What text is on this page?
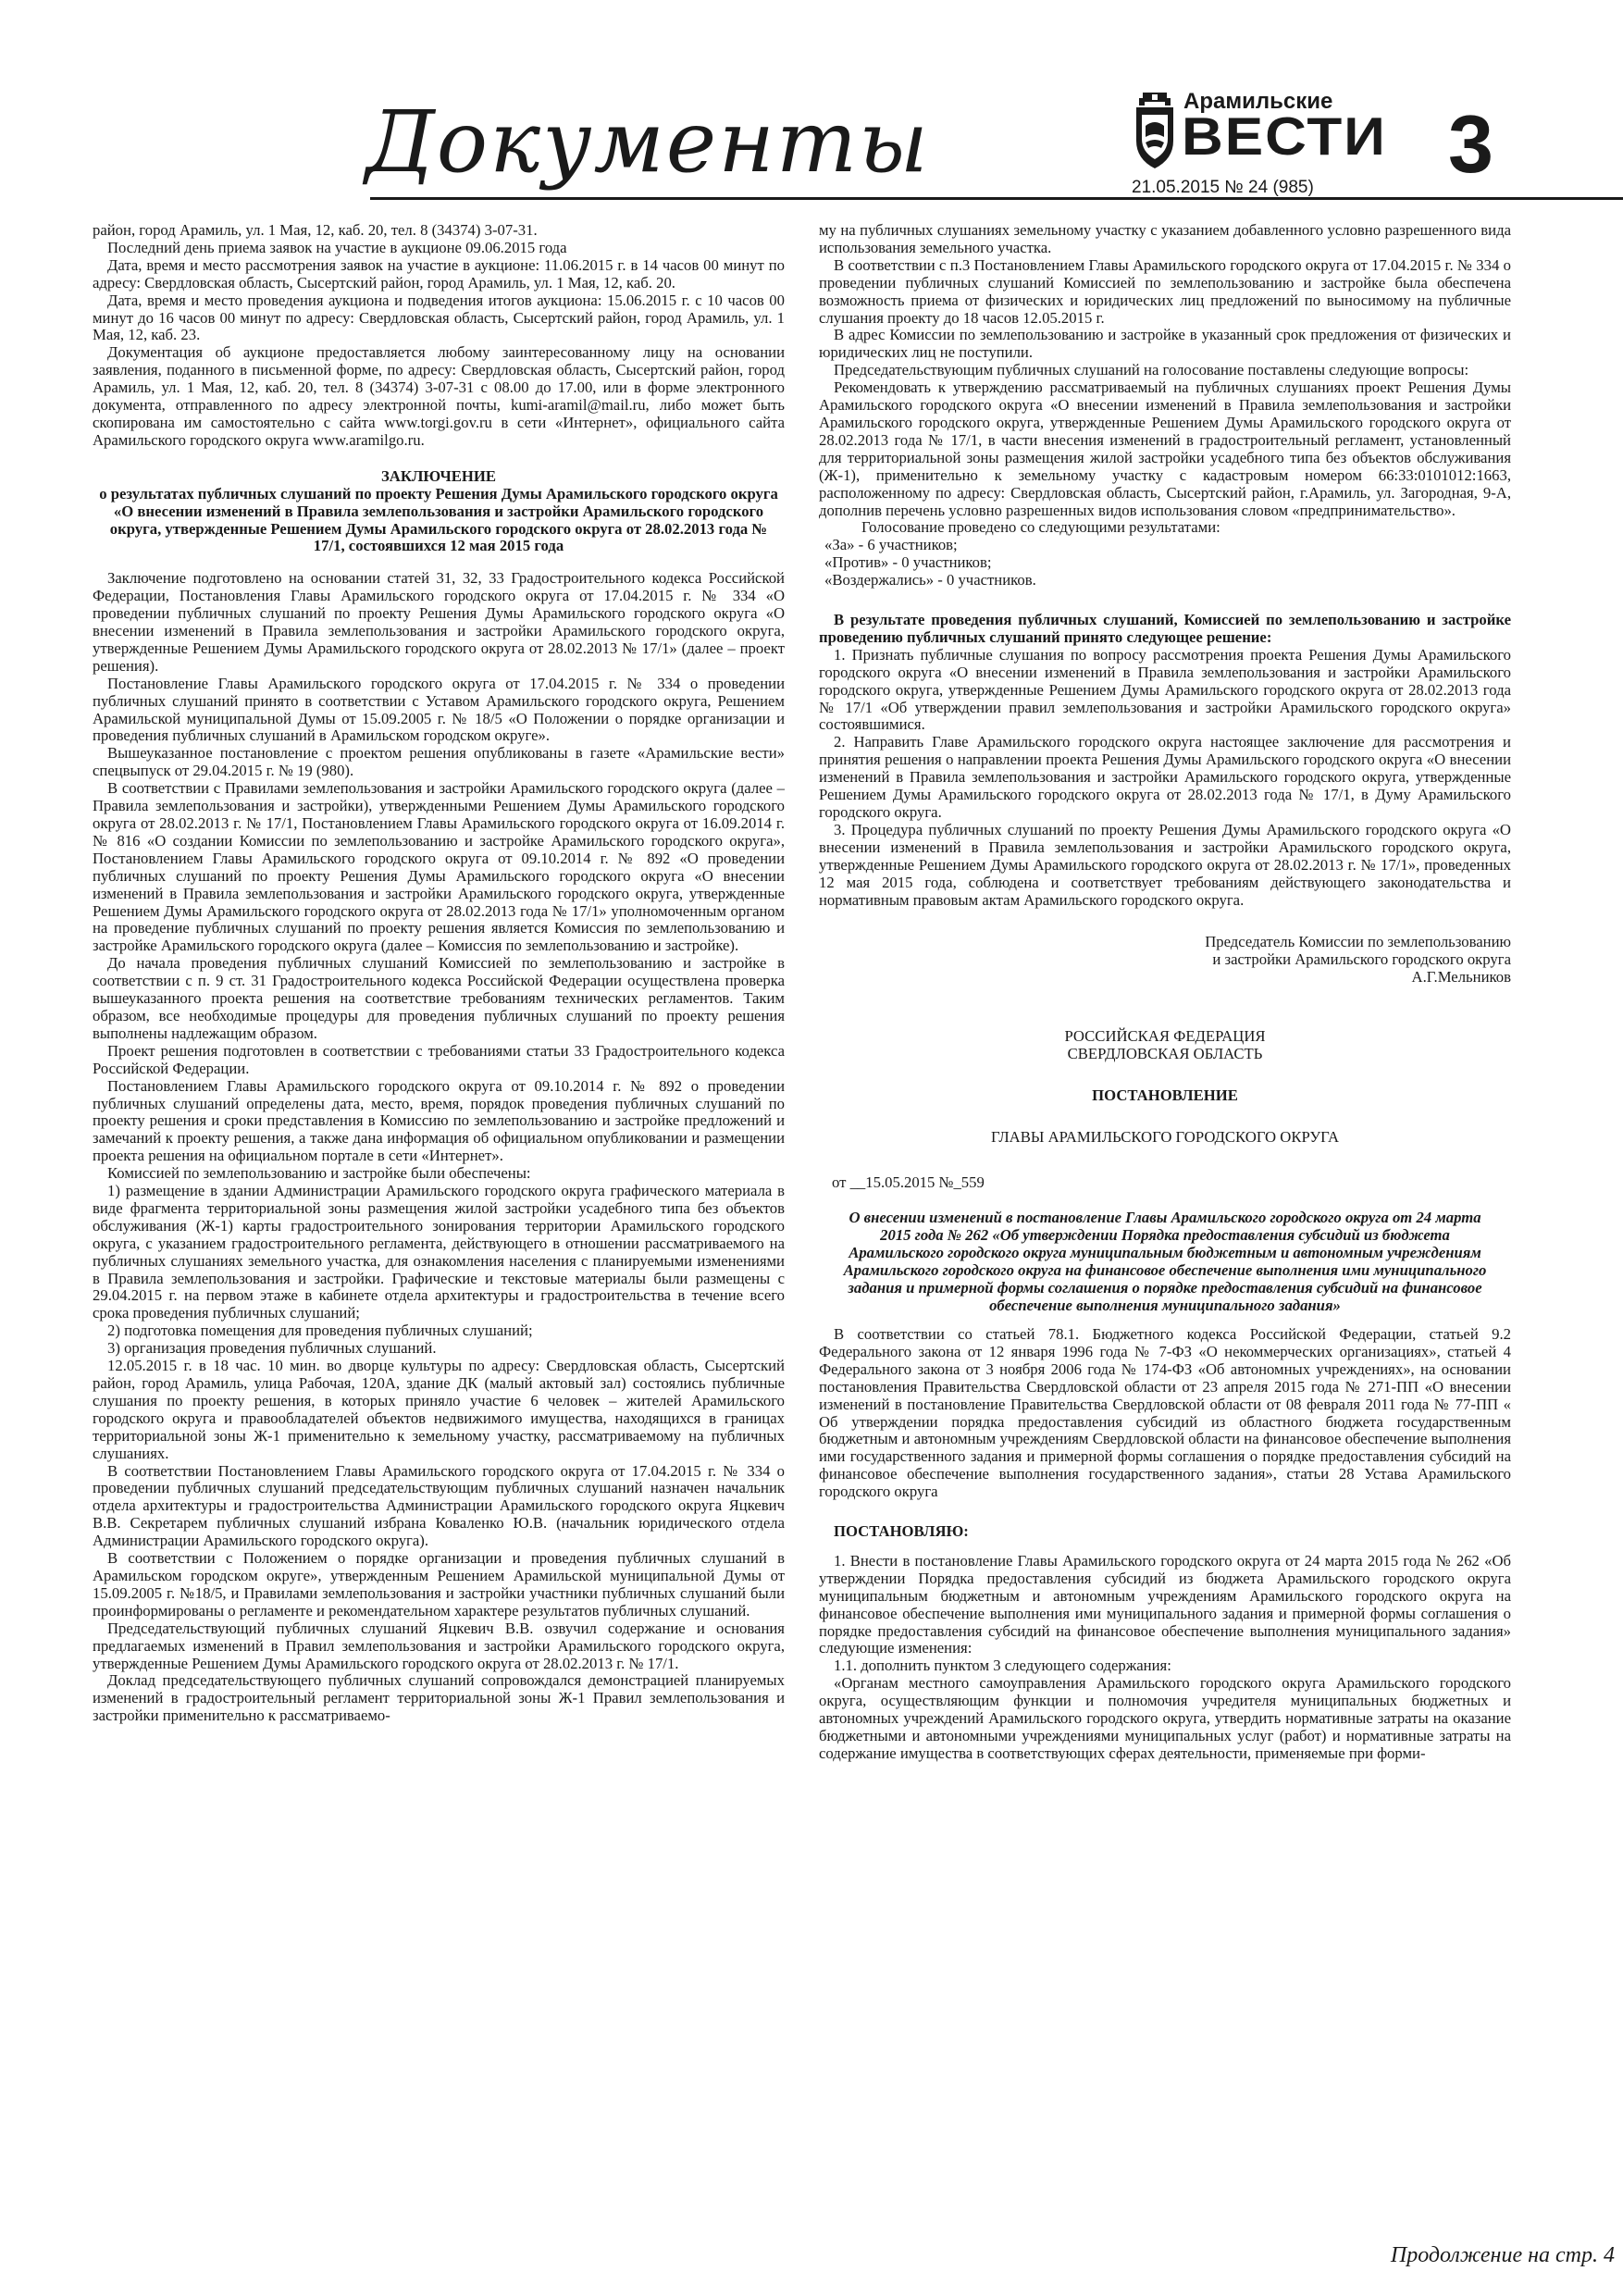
Документы	Арамильские
ВЕСТИ
21.05.2015 № 24 (985) 3

район, город Арамиль, ул. 1 Мая, 12, каб. 20, тел. 8 (34374) 3-07-31.

Последний день приема заявок на участие в аукционе 09.06.2015 года

Дата, время и место рассмотрения заявок на участие в аукционе: 11.06.2015 г. в 14 часов 00 минут по адресу: Свердловская область, Сысертский район, город Арамиль, ул. 1 Мая, 12, каб. 20.

Дата, время и место проведения аукциона и подведения итогов аукциона: 15.06.2015 г. с 10 часов 00 минут до 16 часов 00 минут по адресу: Свердловская область, Сысертский район, город Арамиль, ул. 1 Мая, 12, каб. 23.

Документация об аукционе предоставляется любому заинтересованному лицу на основании заявления, поданного в письменной форме, по адресу: Свердловская область, Сысертский район, город Арамиль, ул. 1 Мая, 12, каб. 20, тел. 8 (34374) 3-07-31 с 08.00 до 17.00, или в форме электронного документа, отправленного по адресу электронной почты, kumi-aramil@mail.ru, либо может быть скопирована им самостоятельно с сайта www.torgi.gov.ru в сети «Интернет», официального сайта Арамильского городского округа www.aramilgo.ru.

ЗАКЛЮЧЕНИЕ
о результатах публичных слушаний по проекту Решения Думы Арамильского городского округа «О внесении изменений в Правила землепользования и застройки Арамильского городского округа, утвержденные Решением Думы Арамильского городского округа от 28.02.2013 года № 17/1, состоявшихся 12 мая 2015 года

Заключение подготовлено на основании статей 31, 32, 33 Градостроительного кодекса Российской Федерации, Постановления Главы Арамильского городского округа от 17.04.2015 г. № 334 «О проведении публичных слушаний по проекту Решения Думы Арамильского городского округа «О внесении изменений в Правила землепользования и застройки Арамильского городского округа, утвержденные Решением Думы Арамильского городского округа от 28.02.2013 № 17/1» (далее – проект решения).

Постановление Главы Арамильского городского округа от 17.04.2015 г. № 334 о проведении публичных слушаний принято в соответствии с Уставом Арамильского городского округа, Решением Арамильской муниципальной Думы от 15.09.2005 г. № 18/5 «О Положении о порядке организации и проведения публичных слушаний в Арамильском городском округе».

Вышеуказанное постановление с проектом решения опубликованы в газете «Арамильские вести» спецвыпуск от 29.04.2015 г. № 19 (980).

В соответствии с Правилами землепользования и застройки Арамильского городского округа (далее – Правила землепользования и застройки), утвержденными Решением Думы Арамильского городского округа от 28.02.2013 г. № 17/1, Постановлением Главы Арамильского городского округа от 16.09.2014 г. № 816 «О создании Комиссии по землепользованию и застройке Арамильского городского округа», Постановлением Главы Арамильского городского округа от 09.10.2014 г. № 892 «О проведении публичных слушаний по проекту Решения Думы Арамильского городского округа «О внесении изменений в Правила землепользования и застройки Арамильского городского округа, утвержденные Решением Думы Арамильского городского округа от 28.02.2013 года № 17/1» уполномоченным органом на проведение публичных слушаний по проекту решения является Комиссия по землепользованию и застройке Арамильского городского округа (далее – Комиссия по землепользованию и застройке).

До начала проведения публичных слушаний Комиссией по землепользованию и застройке в соответствии с п. 9 ст. 31 Градостроительного кодекса Российской Федерации осуществлена проверка вышеуказанного проекта решения на соответствие требованиям технических регламентов. Таким образом, все необходимые процедуры для проведения публичных слушаний по проекту решения выполнены надлежащим образом.

Проект решения подготовлен в соответствии с требованиями статьи 33 Градостроительного кодекса Российской Федерации.

Постановлением Главы Арамильского городского округа от 09.10.2014 г. № 892 о проведении публичных слушаний определены дата, место, время, порядок проведения публичных слушаний по проекту решения и сроки представления в Комиссию по землепользованию и застройке предложений и замечаний к проекту решения, а также дана информация об официальном опубликовании и размещении проекта решения на официальном портале в сети «Интернет».

Комиссией по землепользованию и застройке были обеспечены:

1) размещение в здании Администрации Арамильского городского округа графического материала в виде фрагмента территориальной зоны размещения жилой застройки усадебного типа без объектов обслуживания (Ж-1) карты градостроительного зонирования территории Арамильского городского округа, с указанием градостроительного регламента, действующего в отношении рассматриваемого на публичных слушаниях земельного участка, для ознакомления населения с планируемыми изменениями в Правила землепользования и застройки. Графические и текстовые материалы были размещены с 29.04.2015 г. на первом этаже в кабинете отдела архитектуры и градостроительства в течение всего срока проведения публичных слушаний;

2) подготовка помещения для проведения публичных слушаний;

3) организация проведения публичных слушаний.

12.05.2015 г. в 18 час. 10 мин. во дворце культуры по адресу: Свердловская область, Сысертский район, город Арамиль, улица Рабочая, 120А, здание ДК (малый актовый зал) состоялись публичные слушания по проекту решения, в которых приняло участие 6 человек – жителей Арамильского городского округа и правообладателей объектов недвижимого имущества, находящихся в границах территориальной зоны Ж-1 применительно к земельному участку, рассматриваемому на публичных слушаниях.

В соответствии Постановлением Главы Арамильского городского округа от 17.04.2015 г. № 334 о проведении публичных слушаний председательствующим публичных слушаний назначен начальник отдела архитектуры и градостроительства Администрации Арамильского городского округа Яцкевич В.В. Секретарем публичных слушаний избрана Коваленко Ю.В. (начальник юридического отдела Администрации Арамильского городского округа).

В соответствии с Положением о порядке организации и проведения публичных слушаний в Арамильском городском округе», утвержденным Решением Арамильской муниципальной Думы от 15.09.2005 г. №18/5, и Правилами землепользования и застройки участники публичных слушаний были проинформированы о регламенте и рекомендательном характере результатов публичных слушаний.

Председательствующий публичных слушаний Яцкевич В.В. озвучил содержание и основания предлагаемых изменений в Правил землепользования и застройки Арамильского городского округа, утвержденные Решением Думы Арамильского городского округа от 28.02.2013 г. № 17/1.

Доклад председательствующего публичных слушаний сопровождался демонстрацией планируемых изменений в градостроительный регламент территориальной зоны Ж-1 Правил землепользования и застройки применительно к рассматриваемо-

му на публичных слушаниях земельному участку с указанием добавленного условно разрешенного вида использования земельного участка.

В соответствии с п.3 Постановлением Главы Арамильского городского округа от 17.04.2015 г. № 334 о проведении публичных слушаний Комиссией по землепользованию и застройке была обеспечена возможность приема от физических и юридических лиц предложений по выносимому на публичные слушания проекту до 18 часов 12.05.2015 г.

В адрес Комиссии по землепользованию и застройке в указанный срок предложения от физических и юридических лиц не поступили.

Председательствующим публичных слушаний на голосование поставлены следующие вопросы:

Рекомендовать к утверждению рассматриваемый на публичных слушаниях проект Решения Думы Арамильского городского округа «О внесении изменений в Правила землепользования и застройки Арамильского городского округа, утвержденные Решением Думы Арамильского городского округа от 28.02.2013 года № 17/1, в части внесения изменений в градостроительный регламент, установленный для территориальной зоны размещения жилой застройки усадебного типа без объектов обслуживания (Ж-1), применительно к земельному участку с кадастровым номером 66:33:0101012:1663, расположенному по адресу: Свердловская область, Сысертский район, г.Арамиль, ул. Загородная, 9-А, дополнив перечень условно разрешенных видов использования словом «предпринимательство».

Голосование проведено со следующими результатами:

«За» - 6 участников;

«Против» - 0 участников;

«Воздержались» - 0 участников.

В результате проведения публичных слушаний, Комиссией по землепользованию и застройке проведению публичных слушаний принято следующее решение:

1. Признать публичные слушания по вопросу рассмотрения проекта Решения Думы Арамильского городского округа «О внесении изменений в Правила землепользования и застройки Арамильского городского округа, утвержденные Решением Думы Арамильского городского округа от 28.02.2013 года № 17/1 «Об утверждении правил землепользования и застройки Арамильского городского округа» состоявшимися.

2. Направить Главе Арамильского городского округа настоящее заключение для рассмотрения и принятия решения о направлении проекта Решения Думы Арамильского городского округа «О внесении изменений в Правила землепользования и застройки Арамильского городского округа, утвержденные Решением Думы Арамильского городского округа от 28.02.2013 года № 17/1, в Думу Арамильского городского округа.

3. Процедура публичных слушаний по проекту Решения Думы Арамильского городского округа «О внесении изменений в Правила землепользования и застройки Арамильского городского округа, утвержденные Решением Думы Арамильского городского округа от 28.02.2013 г. № 17/1», проведенных 12 мая 2015 года, соблюдена и соответствует требованиям действующего законодательства и нормативным правовым актам Арамильского городского округа.

Председатель Комиссии по землепользованию
и застройки Арамильского городского округа
А.Г.Мельников
РОССИЙСКАЯ ФЕДЕРАЦИЯ
СВЕРДЛОВСКАЯ ОБЛАСТЬ
ПОСТАНОВЛЕНИЕ
ГЛАВЫ АРАМИЛЬСКОГО ГОРОДСКОГО ОКРУГА

от __15.05.2015 №_559

О внесении изменений в постановление Главы Арамильского городского округа от 24 марта 2015 года № 262 «Об утверждении Порядка предоставления субсидий из бюджета Арамильского городского округа муниципальным бюджетным и автономным учреждениям Арамильского городского округа на финансовое обеспечение выполнения ими муниципального задания и примерной формы соглашения о порядке предоставления субсидий на финансовое обеспечение выполнения муниципального задания»

В соответствии со статьей 78.1. Бюджетного кодекса Российской Федерации, статьей 9.2 Федерального закона от 12 января 1996 года № 7-ФЗ «О некоммерческих организациях», статьей 4 Федерального закона от 3 ноября 2006 года № 174-ФЗ «Об автономных учреждениях», на основании постановления Правительства Свердловской области от 23 апреля 2015 года № 271-ПП «О внесении изменений в постановление Правительства Свердловской области от 08 февраля 2011 года № 77-ПП « Об утверждении порядка предоставления субсидий из областного бюджета государственным бюджетным и автономным учреждениям Свердловской области на финансовое обеспечение выполнения ими государственного задания и примерной формы соглашения о порядке предоставления субсидий на финансовое обеспечение выполнения государственного задания», статьи 28 Устава Арамильского городского округа

ПОСТАНОВЛЯЮ:

1. Внести в постановление Главы Арамильского городского округа от 24 марта 2015 года № 262 «Об утверждении Порядка предоставления субсидий из бюджета Арамильского городского округа муниципальным бюджетным и автономным учреждениям Арамильского городского округа на финансовое обеспечение выполнения ими муниципального задания и примерной формы соглашения о порядке предоставления субсидий на финансовое обеспечение выполнения муниципального задания» следующие изменения:

1.1. дополнить пунктом 3 следующего содержания:

«Органам местного самоуправления Арамильского городского округа Арамильского городского округа, осуществляющим функции и полномочия учредителя муниципальных бюджетных и автономных учреждений Арамильского городского округа, утвердить нормативные затраты на оказание бюджетными и автономными учреждениями муниципальных услуг (работ) и нормативные затраты на содержание имущества в соответствующих сферах деятельности, применяемые при форми-

Продолжение на стр. 4
